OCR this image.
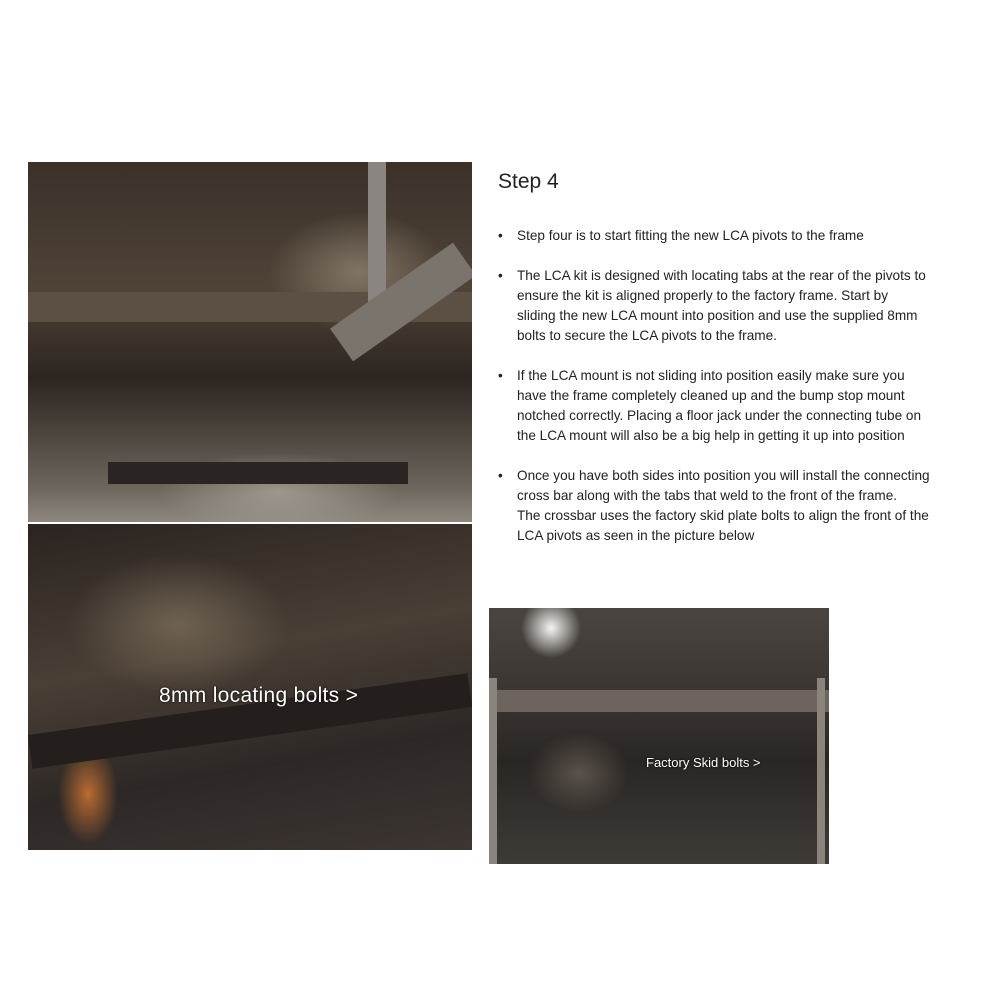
8mm locating bolts >
Factory Skid bolts >
Step 4
• Step four is to start fitting the new LCA pivots to the frame
• The LCA kit is designed with locating tabs at the rear of the pivots to
ensure the kit is aligned properly to the factory frame. Start by
sliding the new LCA mount into position and use the supplied 8mm
bolts to secure the LCA pivots to the frame.
• If the LCA mount is not sliding into position easily make sure you
have the frame completely cleaned up and the bump stop mount
notched correctly. Placing a floor jack under the connecting tube on
the LCA mount will also be a big help in getting it up into position
• Once you have both sides into position you will install the connecting
cross bar along with the tabs that weld to the front of the frame.
The crossbar uses the factory skid plate bolts to align the front of the
LCA pivots as seen in the picture below
